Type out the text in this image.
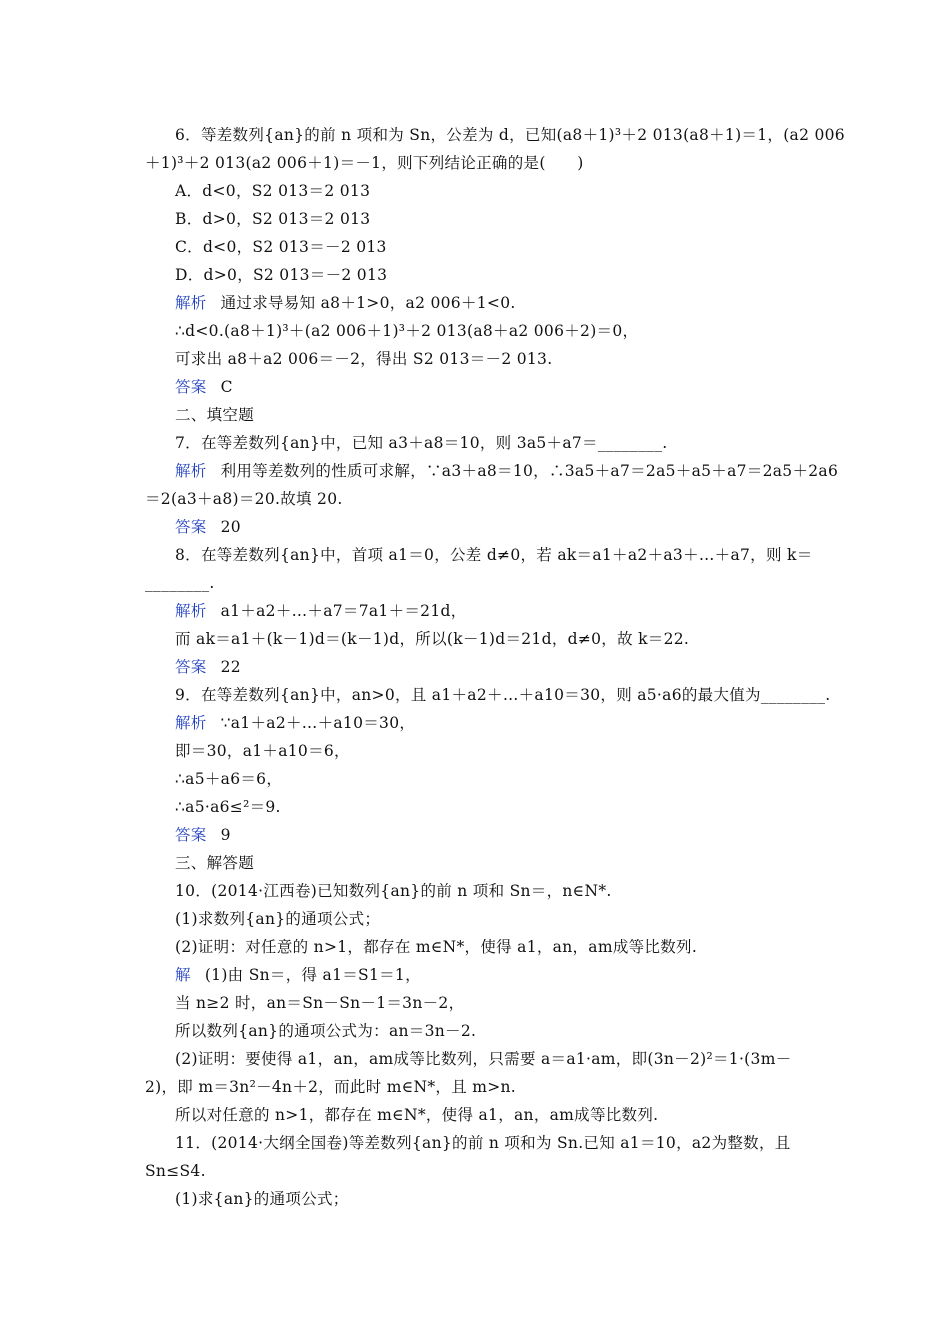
6．等差数列{an}的前 n 项和为 Sn，公差为 d，已知(a8＋1)³＋2 013(a8＋1)＝1，(a2 006
＋1)³＋2 013(a2 006＋1)＝－1，则下列结论正确的是(　　)
A．d<0，S2 013＝2 013
B．d>0，S2 013＝2 013
C．d<0，S2 013＝－2 013
D．d>0，S2 013＝－2 013
解析 通过求导易知 a8＋1>0，a2 006＋1<0.
∴d<0.(a8＋1)³＋(a2 006＋1)³＋2 013(a8＋a2 006＋2)＝0，
可求出 a8＋a2 006＝－2，得出 S2 013＝－2 013.
答案 C
二、填空题
7．在等差数列{an}中，已知 a3＋a8＝10，则 3a5＋a7＝________.
解析 利用等差数列的性质可求解，∵a3＋a8＝10，∴3a5＋a7＝2a5＋a5＋a7＝2a5＋2a6
＝2(a3＋a8)＝20.故填 20.
答案 20
8．在等差数列{an}中，首项 a1＝0，公差 d≠0，若 ak＝a1＋a2＋a3＋…＋a7，则 k＝
________.
解析 a1＋a2＋…＋a7＝7a1＋＝21d，
而 ak＝a1＋(k－1)d＝(k－1)d，所以(k－1)d＝21d，d≠0，故 k＝22.
答案 22
9．在等差数列{an}中，an>0，且 a1＋a2＋…＋a10＝30，则 a5·a6的最大值为________.
解析 ∵a1＋a2＋…＋a10＝30，
即＝30，a1＋a10＝6，
∴a5＋a6＝6，
∴a5·a6≤²＝9.
答案 9
三、解答题
10．(2014·江西卷)已知数列{an}的前 n 项和 Sn＝，n∈N*.
(1)求数列{an}的通项公式；
(2)证明：对任意的 n>1，都存在 m∈N*，使得 a1，an，am成等比数列.
解 (1)由 Sn＝，得 a1＝S1＝1，
当 n≥2 时，an＝Sn－Sn－1＝3n－2，
所以数列{an}的通项公式为：an＝3n－2.
(2)证明：要使得 a1，an，am成等比数列，只需要 a＝a1·am，即(3n－2)²＝1·(3m－
2)，即 m＝3n²－4n＋2，而此时 m∈N*，且 m>n.
所以对任意的 n>1，都存在 m∈N*，使得 a1，an，am成等比数列.
11．(2014·大纲全国卷)等差数列{an}的前 n 项和为 Sn.已知 a1＝10，a2为整数，且
Sn≤S4.
(1)求{an}的通项公式；
